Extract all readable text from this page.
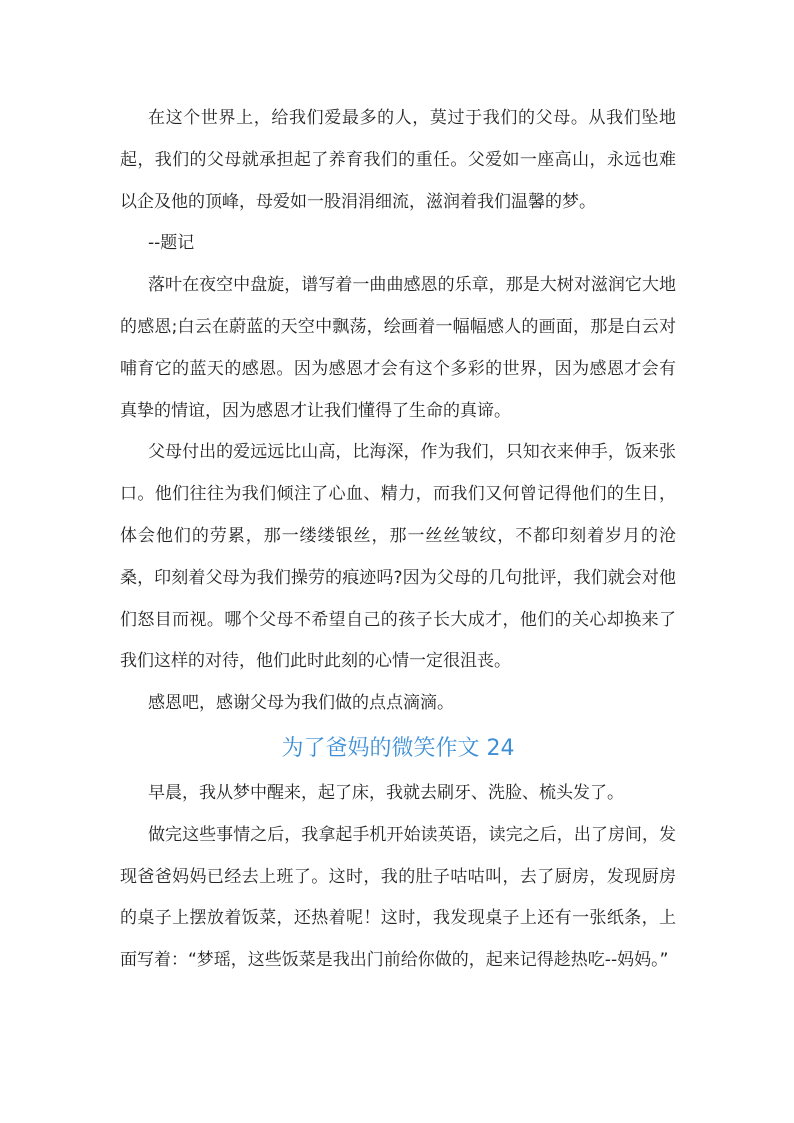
在这个世界上，给我们爱最多的人，莫过于我们的父母。从我们坠地起，我们的父母就承担起了养育我们的重任。父爱如一座高山，永远也难以企及他的顶峰，母爱如一股涓涓细流，滋润着我们温馨的梦。

--题记

落叶在夜空中盘旋，谱写着一曲曲感恩的乐章，那是大树对滋润它大地的感恩;白云在蔚蓝的天空中飘荡，绘画着一幅幅感人的画面，那是白云对哺育它的蓝天的感恩。因为感恩才会有这个多彩的世界，因为感恩才会有真挚的情谊，因为感恩才让我们懂得了生命的真谛。

父母付出的爱远远比山高，比海深，作为我们，只知衣来伸手，饭来张口。他们往往为我们倾注了心血、精力，而我们又何曾记得他们的生日，体会他们的劳累，那一缕缕银丝，那一丝丝皱纹，不都印刻着岁月的沧桑，印刻着父母为我们操劳的痕迹吗?因为父母的几句批评，我们就会对他们怒目而视。哪个父母不希望自己的孩子长大成才，他们的关心却换来了我们这样的对待，他们此时此刻的心情一定很沮丧。

感恩吧，感谢父母为我们做的点点滴滴。

为了爸妈的微笑作文 24

早晨，我从梦中醒来，起了床，我就去刷牙、洗脸、梳头发了。

做完这些事情之后，我拿起手机开始读英语，读完之后，出了房间，发现爸爸妈妈已经去上班了。这时，我的肚子咕咕叫，去了厨房，发现厨房的桌子上摆放着饭菜，还热着呢！这时，我发现桌子上还有一张纸条，上面写着：“梦瑶，这些饭菜是我出门前给你做的，起来记得趁热吃--妈妈。”
